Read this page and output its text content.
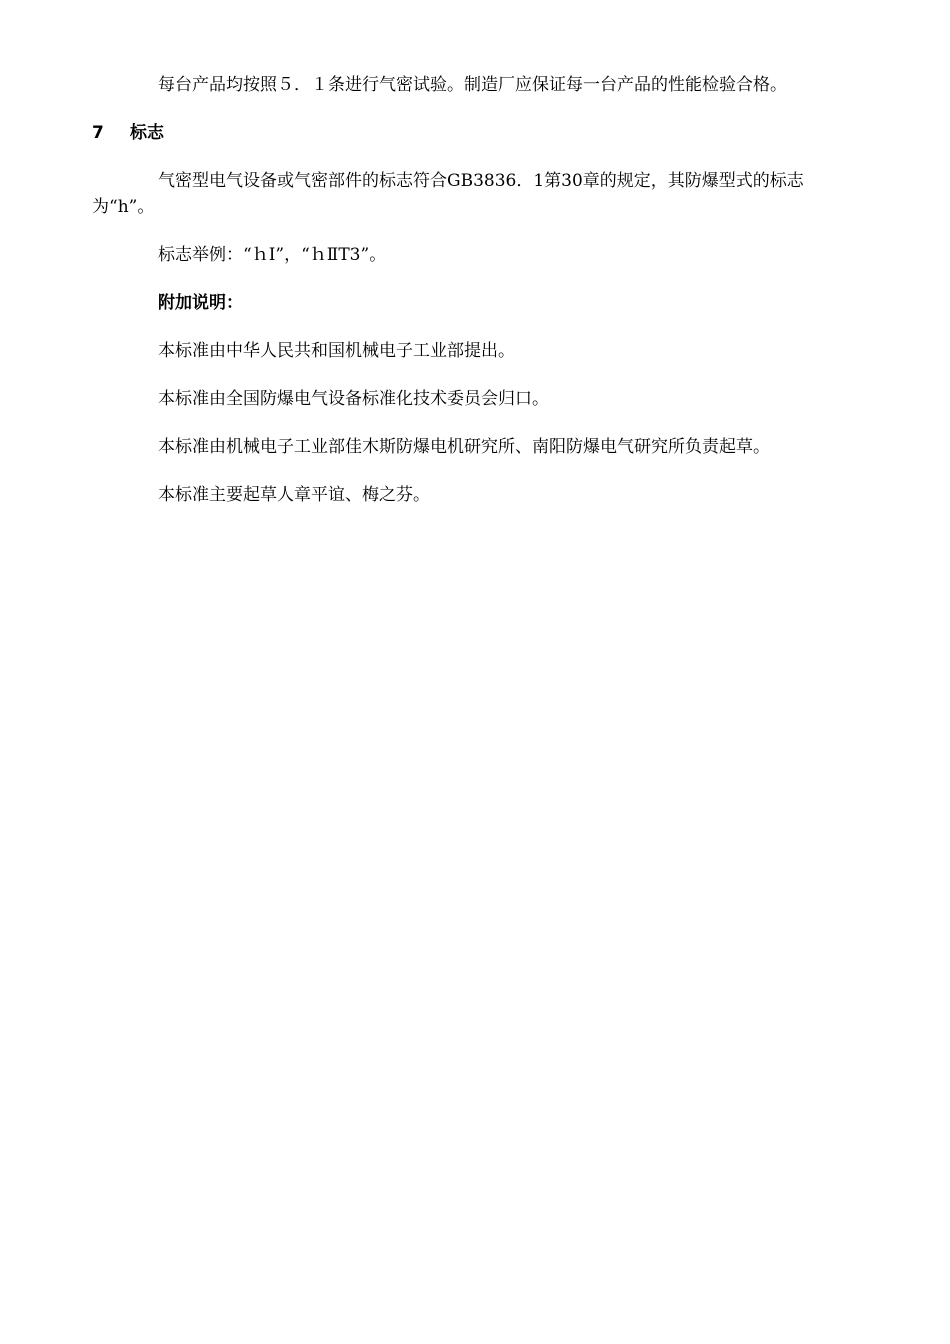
每台产品均按照５．１条进行气密试验。制造厂应保证每一台产品的性能检验合格。

7	标志

气密型电气设备或气密部件的标志符合GB3836．1第30章的规定，其防爆型式的标志为“h”。

标志举例：“ｈⅠ”，“ｈⅡT3”。

附加说明：

本标准由中华人民共和国机械电子工业部提出。

本标准由全国防爆电气设备标准化技术委员会归口。

本标准由机械电子工业部佳木斯防爆电机研究所、南阳防爆电气研究所负责起草。

本标准主要起草人章平谊、梅之芬。
